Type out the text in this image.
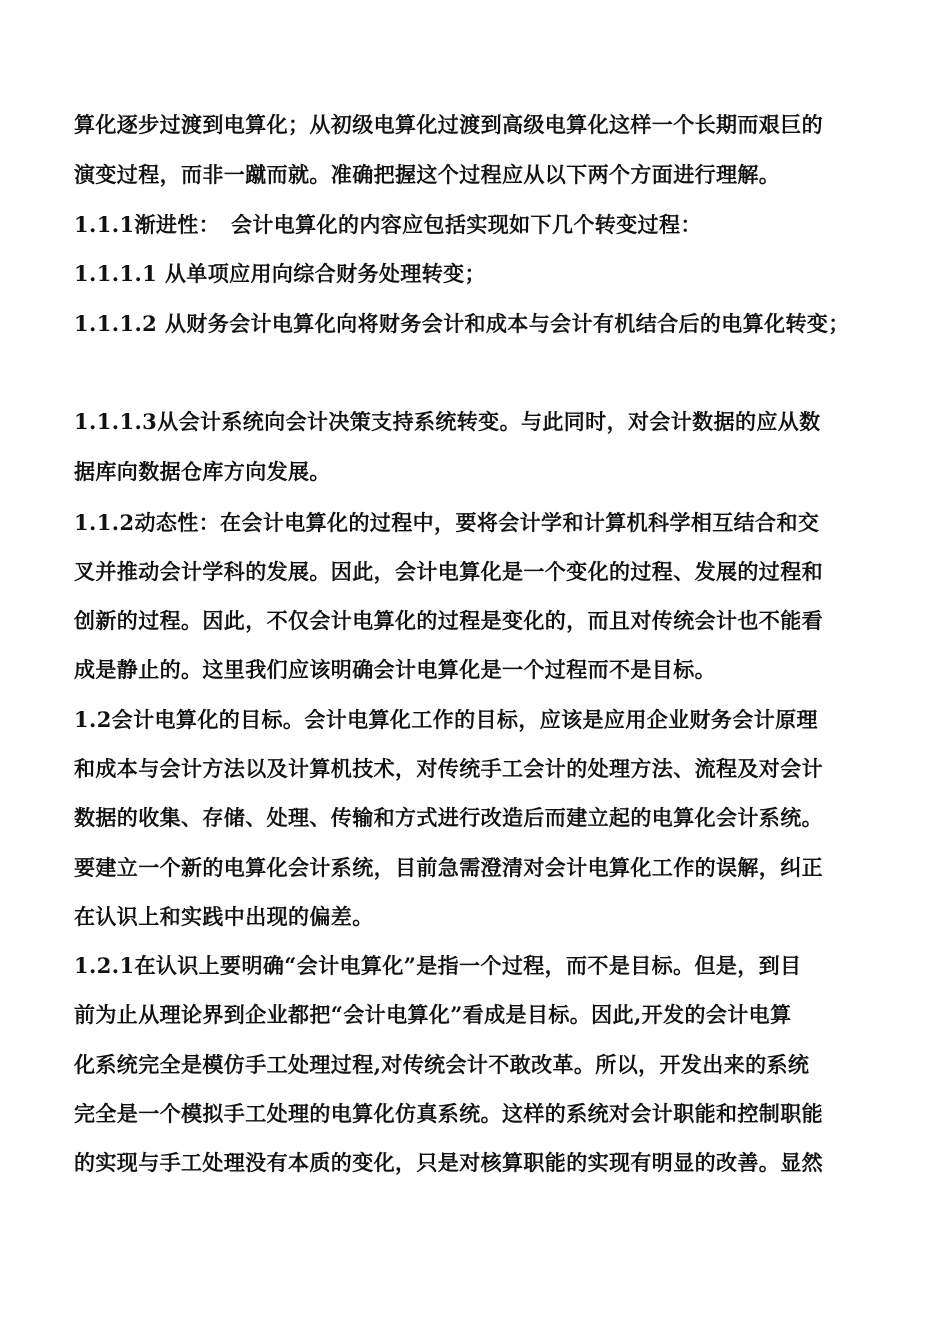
算化逐步过渡到电算化；从初级电算化过渡到高级电算化这样一个长期而艰巨的
演变过程，而非一蹴而就。准确把握这个过程应从以下两个方面进行理解。
1.1.1渐进性：　会计电算化的内容应包括实现如下几个转变过程：
1.1.1.1 从单项应用向综合财务处理转变；
1.1.1.2 从财务会计电算化向将财务会计和成本与会计有机结合后的电算化转变；
1.1.1.3从会计系统向会计决策支持系统转变。与此同时，对会计数据的应从数
据库向数据仓库方向发展。
1.1.2动态性：在会计电算化的过程中，要将会计学和计算机科学相互结合和交
叉并推动会计学科的发展。因此，会计电算化是一个变化的过程、发展的过程和
创新的过程。因此，不仅会计电算化的过程是变化的，而且对传统会计也不能看
成是静止的。这里我们应该明确会计电算化是一个过程而不是目标。
1.2会计电算化的目标。会计电算化工作的目标，应该是应用企业财务会计原理
和成本与会计方法以及计算机技术，对传统手工会计的处理方法、流程及对会计
数据的收集、存储、处理、传输和方式进行改造后而建立起的电算化会计系统。
要建立一个新的电算化会计系统，目前急需澄清对会计电算化工作的误解，纠正
在认识上和实践中出现的偏差。
1.2.1在认识上要明确“会计电算化”是指一个过程，而不是目标。但是，到目
前为止从理论界到企业都把“会计电算化”看成是目标。因此,开发的会计电算
化系统完全是模仿手工处理过程,对传统会计不敢改革。所以，开发出来的系统
完全是一个模拟手工处理的电算化仿真系统。这样的系统对会计职能和控制职能
的实现与手工处理没有本质的变化，只是对核算职能的实现有明显的改善。显然
